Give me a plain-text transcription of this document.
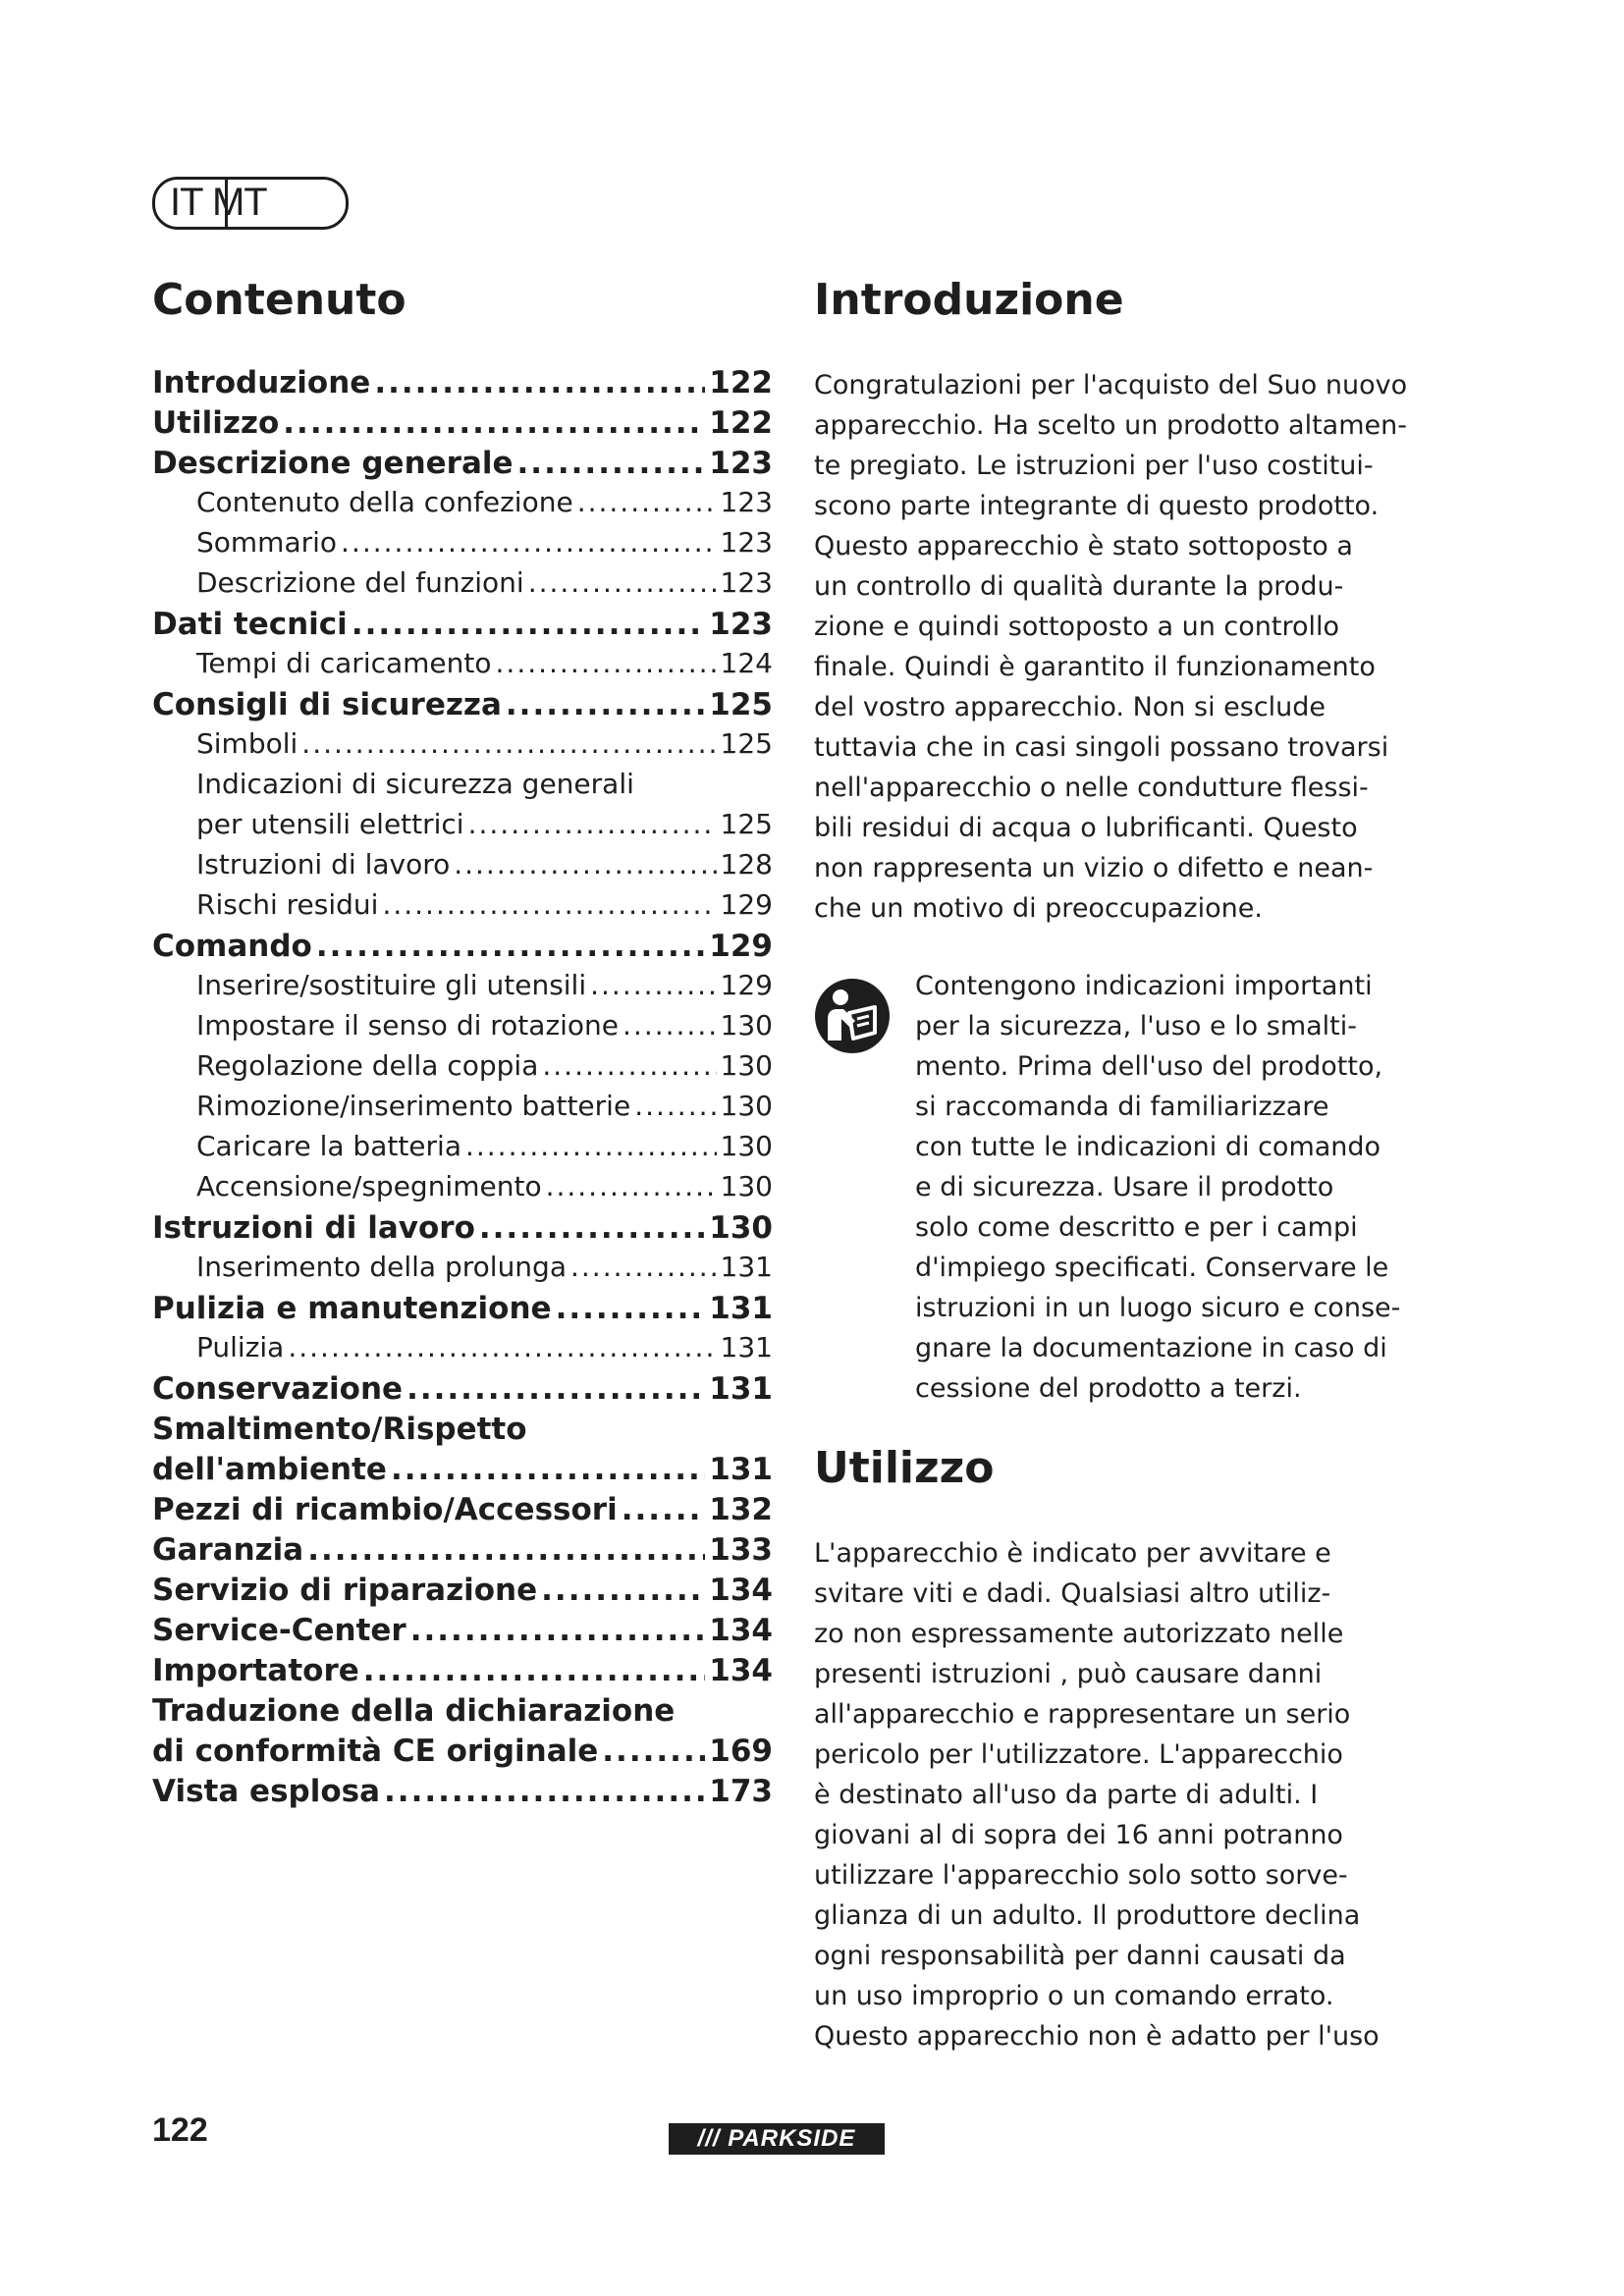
IT MT
Contenuto
Introduzione .....	122
Utilizzo .....	122
Descrizione generale .....	123
Contenuto della confezione .....	123
Sommario .....	123
Descrizione del funzioni .....	123
Dati tecnici .....	123
Tempi di caricamento .....	124
Consigli di sicurezza .....	125
Simboli .....	125
Indicazioni di sicurezza generali
per utensili elettrici .....	125
Istruzioni di lavoro .....	128
Rischi residui .....	129
Comando .....	129
Inserire/sostituire gli utensili .....	129
Impostare il senso di rotazione .....	130
Regolazione della coppia .....	130
Rimozione/inserimento batterie .....	130
Caricare la batteria .....	130
Accensione/spegnimento .....	130
Istruzioni di lavoro .....	130
Inserimento della prolunga .....	131
Pulizia e manutenzione .....	131
Pulizia .....	131
Conservazione .....	131
Smaltimento/Rispetto
dell'ambiente .....	131
Pezzi di ricambio/Accessori .....	132
Garanzia .....	133
Servizio di riparazione .....	134
Service-Center .....	134
Importatore .....	134
Traduzione della dichiarazione
di conformità CE originale .....	169
Vista esplosa .....	173
Introduzione
Congratulazioni per l'acquisto del Suo nuovo
apparecchio. Ha scelto un prodotto altamen-
te pregiato. Le istruzioni per l'uso costitui-
scono parte integrante di questo prodotto.
Questo apparecchio è stato sottoposto a
un controllo di qualità durante la produ-
zione e quindi sottoposto a un controllo
finale. Quindi è garantito il funzionamento
del vostro apparecchio. Non si esclude
tuttavia che in casi singoli possano trovarsi
nell'apparecchio o nelle condutture flessi-
bili residui di acqua o lubrificanti. Questo
non rappresenta un vizio o difetto e nean-
che un motivo di preoccupazione.
Contengono indicazioni importanti
per la sicurezza, l'uso e lo smalti-
mento. Prima dell'uso del prodotto,
si raccomanda di familiarizzare
con tutte le indicazioni di comando
e di sicurezza. Usare il prodotto
solo come descritto e per i campi
d'impiego specificati. Conservare le
istruzioni in un luogo sicuro e conse-
gnare la documentazione in caso di
cessione del prodotto a terzi.
Utilizzo
L'apparecchio è indicato per avvitare e
svitare viti e dadi. Qualsiasi altro utiliz-
zo non espressamente autorizzato nelle
presenti istruzioni , può causare danni
all'apparecchio e rappresentare un serio
pericolo per l'utilizzatore. L'apparecchio
è destinato all'uso da parte di adulti. I
giovani al di sopra dei 16 anni potranno
utilizzare l'apparecchio solo sotto sorve-
glianza di un adulto. Il produttore declina
ogni responsabilità per danni causati da
un uso improprio o un comando errato.
Questo apparecchio non è adatto per l'uso
122	/// PARKSIDE
